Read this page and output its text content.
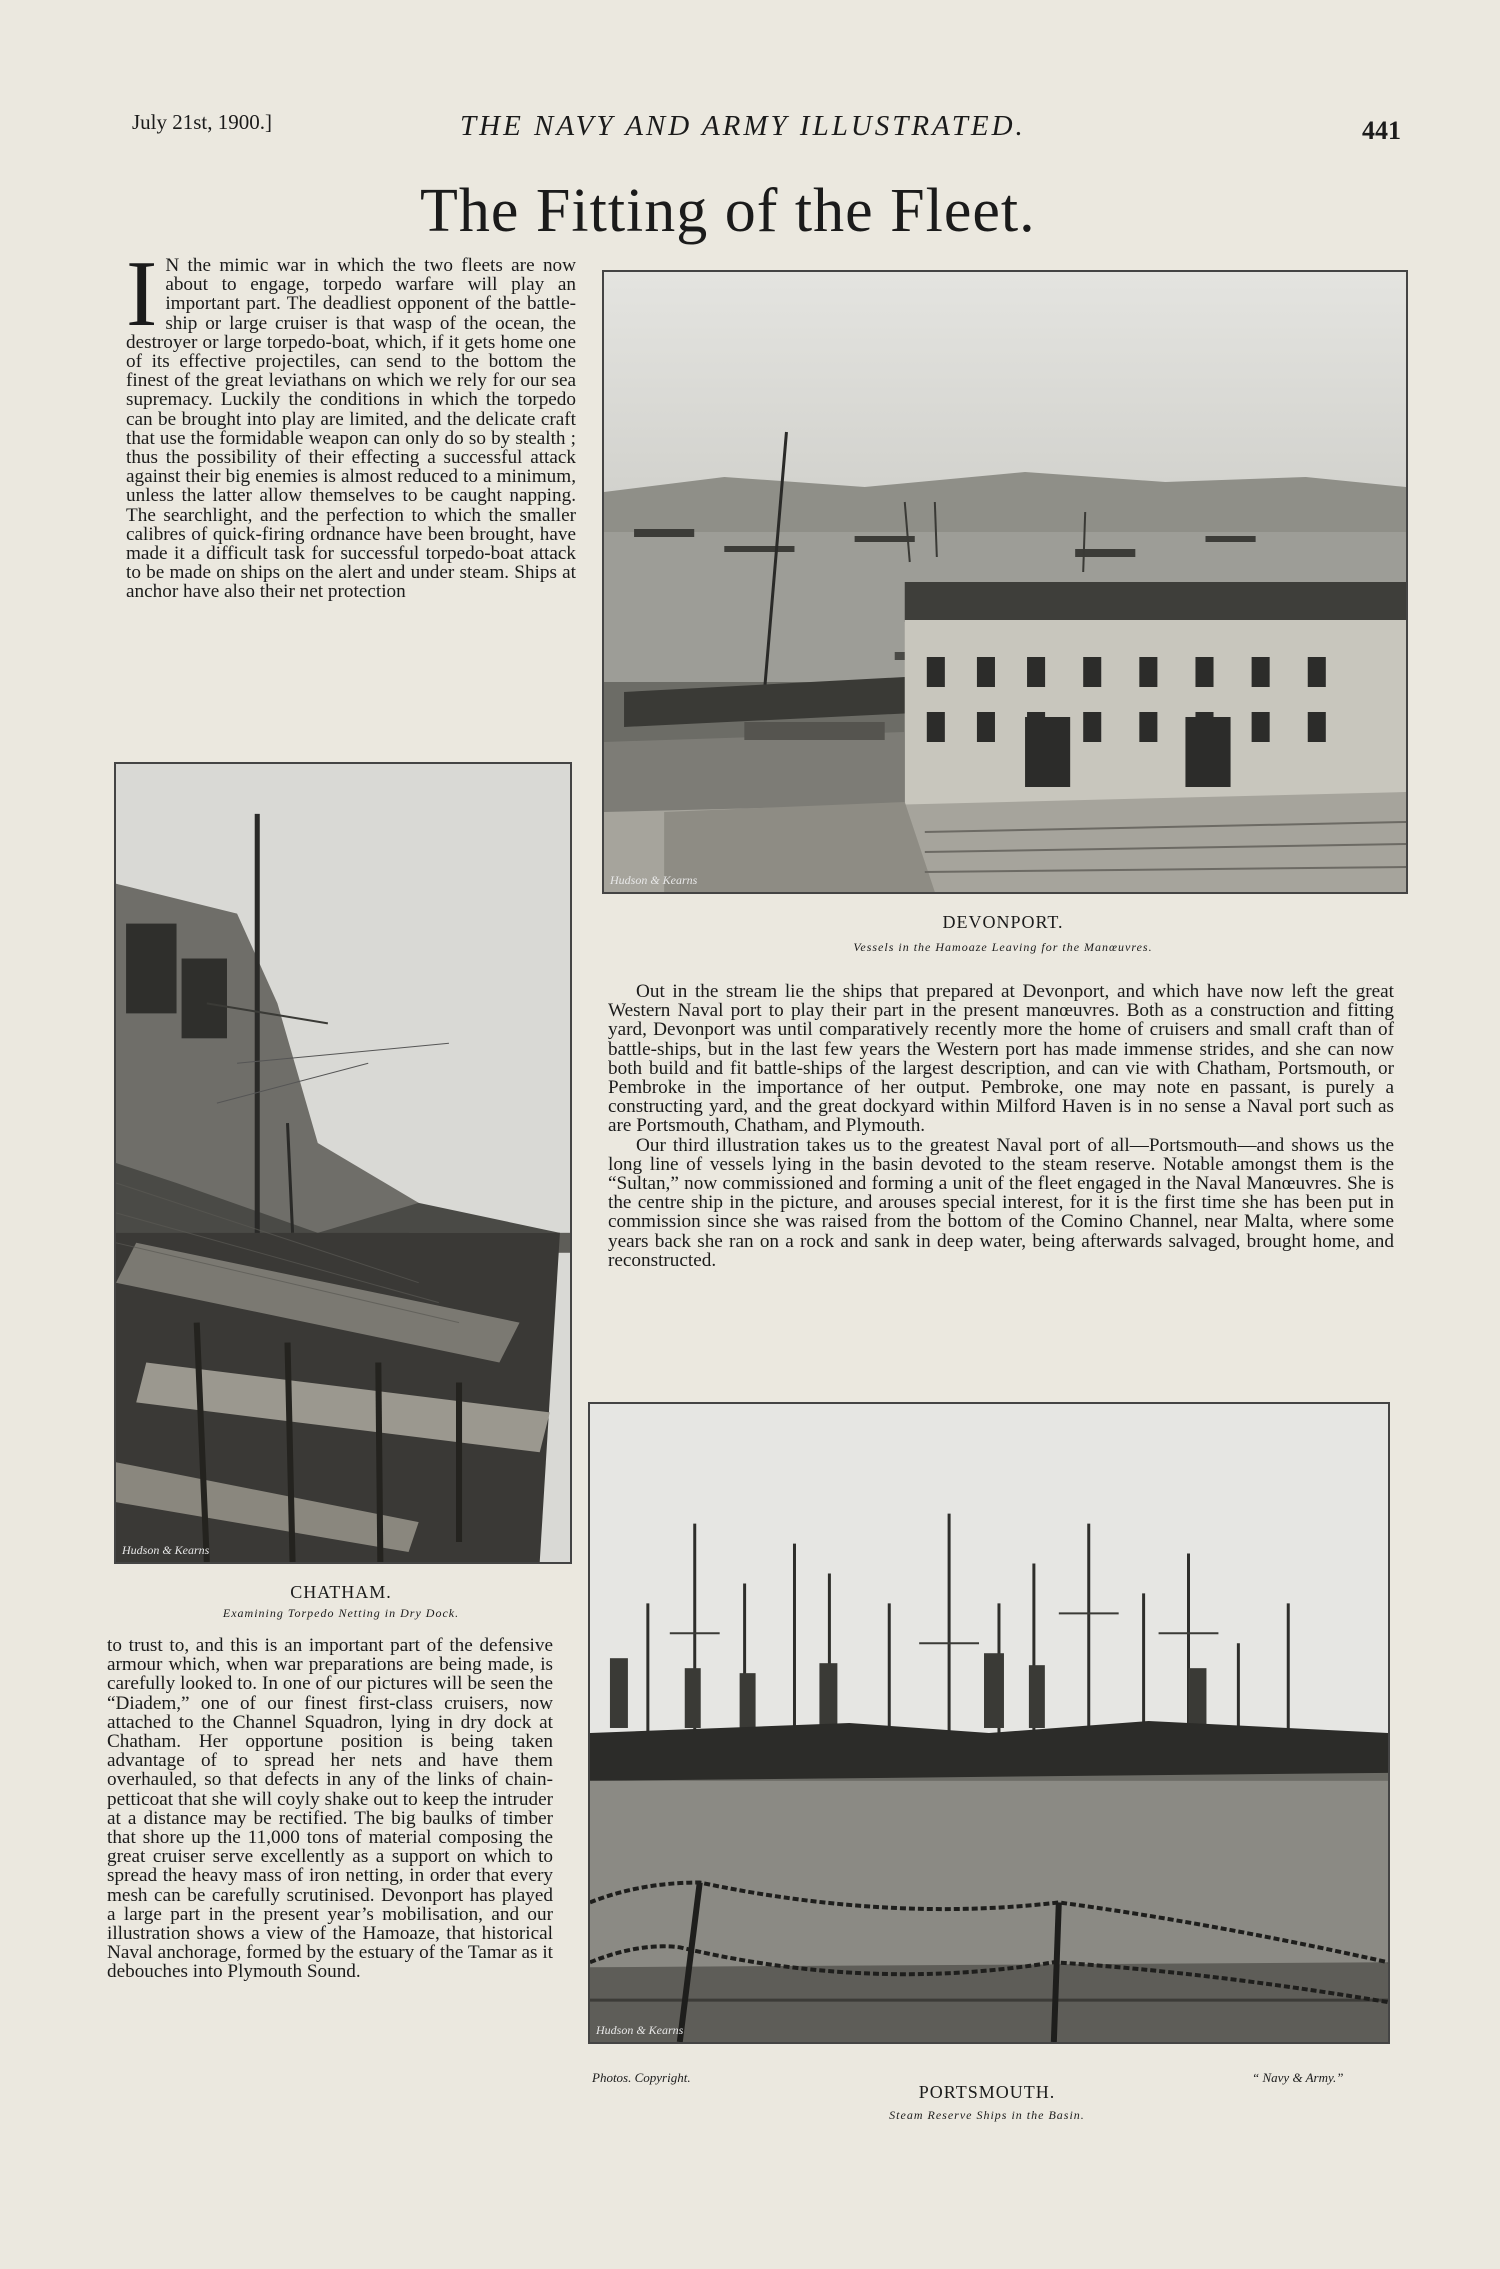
July 21st, 1900.]	THE NAVY AND ARMY ILLUSTRATED.	441
The Fitting of the Fleet.
I N the mimic war in which the two fleets are now about to engage, torpedo warfare will play an important part. The deadliest opponent of the battle-ship or large cruiser is that wasp of the ocean, the destroyer or large torpedo-boat, which, if it gets home one of its effective projectiles, can send to the bottom the finest of the great leviathans on which we rely for our sea supremacy. Luckily the conditions in which the torpedo can be brought into play are limited, and the delicate craft that use the formidable weapon can only do so by stealth ; thus the possibility of their effecting a successful attack against their big enemies is almost reduced to a minimum, unless the latter allow themselves to be caught napping. The searchlight, and the perfection to which the smaller calibres of quick-firing ordnance have been brought, have made it a difficult task for successful torpedo-boat attack to be made on ships on the alert and under steam. Ships at anchor have also their net protection

Hudson & Kearns
DEVONPORT.
Vessels in the Hamoaze Leaving for the Manœuvres.
Hudson & Kearns
CHATHAM.
Examining Torpedo Netting in Dry Dock.

to trust to, and this is an important part of the defensive armour which, when war preparations are being made, is carefully looked to. In one of our pictures will be seen the “Diadem,” one of our finest first-class cruisers, now attached to the Channel Squadron, lying in dry dock at Chatham. Her opportune position is being taken advantage of to spread her nets and have them overhauled, so that defects in any of the links of chain-petticoat that she will coyly shake out to keep the intruder at a distance may be rectified. The big baulks of timber that shore up the 11,000 tons of material composing the great cruiser serve excellently as a support on which to spread the heavy mass of iron netting, in order that every mesh can be carefully scrutinised. Devonport has played a large part in the present year’s mobilisation, and our illustration shows a view of the Hamoaze, that historical Naval anchorage, formed by the estuary of the Tamar as it debouches into Plymouth Sound.

Out in the stream lie the ships that prepared at Devonport, and which have now left the great Western Naval port to play their part in the present manœuvres. Both as a construction and fitting yard, Devonport was until comparatively recently more the home of cruisers and small craft than of battle-ships, but in the last few years the Western port has made immense strides, and she can now both build and fit battle-ships of the largest description, and can vie with Chatham, Portsmouth, or Pembroke in the importance of her output. Pembroke, one may note en passant, is purely a constructing yard, and the great dockyard within Milford Haven is in no sense a Naval port such as are Portsmouth, Chatham, and Plymouth.

Our third illustration takes us to the greatest Naval port of all—Portsmouth—and shows us the long line of vessels lying in the basin devoted to the steam reserve. Notable amongst them is the “Sultan,” now commissioned and forming a unit of the fleet engaged in the Naval Manœuvres. She is the centre ship in the picture, and arouses special interest, for it is the first time she has been put in commission since she was raised from the bottom of the Comino Channel, near Malta, where some years back she ran on a rock and sank in deep water, being afterwards salvaged, brought home, and reconstructed.

Hudson & Kearns
Photos. Copyright.	“ Navy & Army.”
PORTSMOUTH.
Steam Reserve Ships in the Basin.
